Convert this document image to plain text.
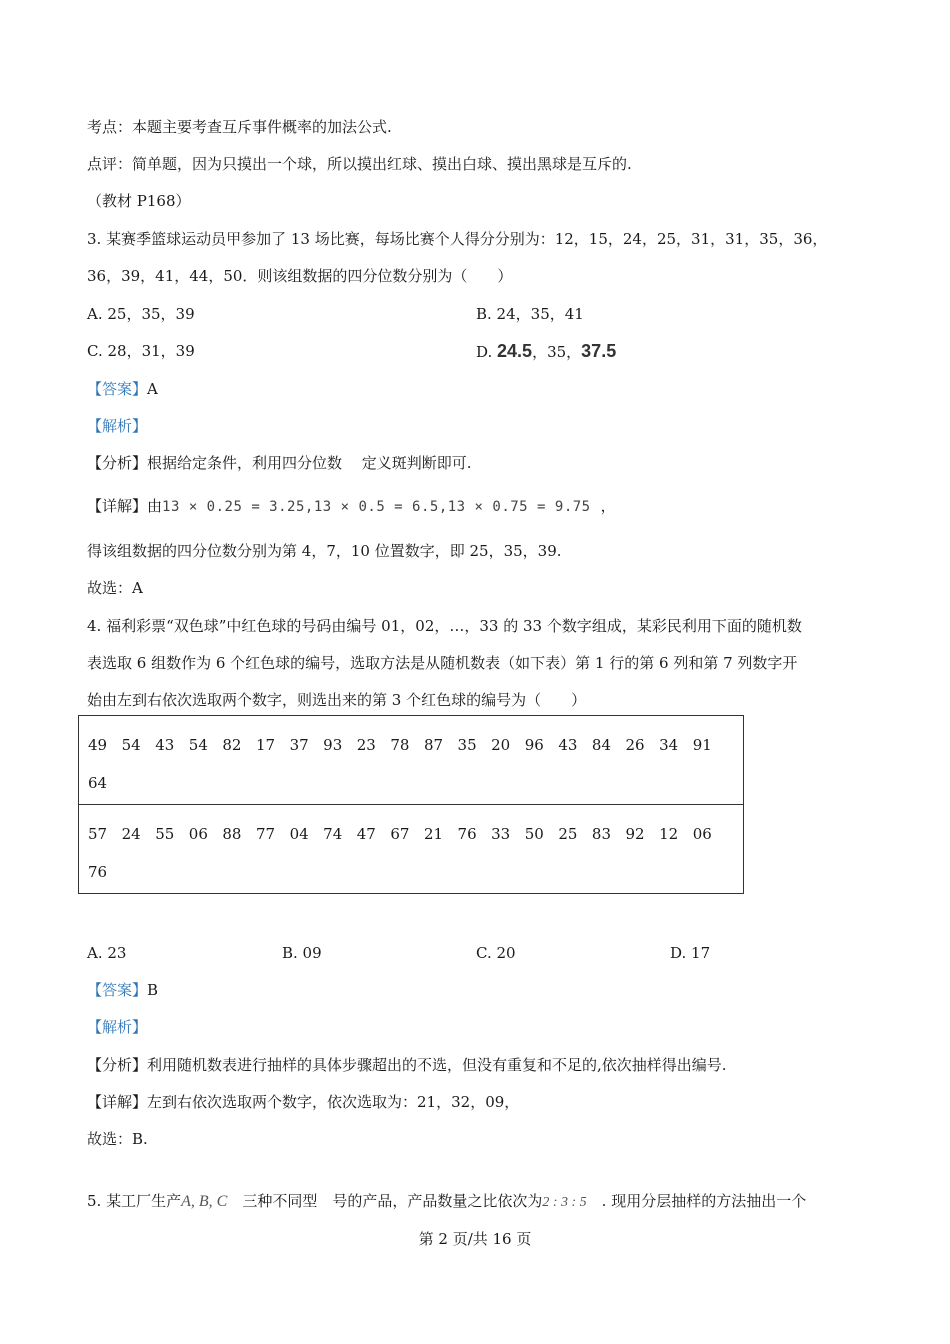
考点：本题主要考查互斥事件概率的加法公式.
点评：简单题，因为只摸出一个球，所以摸出红球、摸出白球、摸出黑球是互斥的.
（教材 P168）
3. 某赛季篮球运动员甲参加了 13 场比赛，每场比赛个人得分分别为：12，15，24，25，31，31，35，36，
36，39，41，44，50．则该组数据的四分位数分别为（　　）
A. 25，35，39	B. 24，35，41
C. 28，31，39	D. 24.5，35，37.5
【答案】A
【解析】
【分析】根据给定条件，利用四分位数　 定义斑判断即可.
【详解】由13 × 0.25 = 3.25,13 × 0.5 = 6.5,13 × 0.75 = 9.75 ，
得该组数据的四分位数分别为第 4，7，10 位置数字，即 25，35，39.
故选：A
4. 福利彩票“双色球”中红色球的号码由编号 01，02，…，33 的 33 个数字组成，某彩民利用下面的随机数
表选取 6 组数作为 6 个红色球的编号，选取方法是从随机数表（如下表）第 1 行的第 6 列和第 7 列数字开
始由左到右依次选取两个数字，则选出来的第 3 个红色球的编号为（　　）
49 54 43 54 82 17 37 93 23 78 87 35 20 96 43 84 26 34 91
64
57 24 55 06 88 77 04 74 47 67 21 76 33 50 25 83 92 12 06
76
A. 23	B. 09	C. 20	D. 17
【答案】B
【解析】
【分析】利用随机数表进行抽样的具体步骤超出的不选，但没有重复和不足的,依次抽样得出编号.
【详解】左到右依次选取两个数字，依次选取为：21，32，09，
故选：B.
5. 某工厂生产A, B, C　三种不同型　号的产品，产品数量之比依次为2 : 3 : 5　. 现用分层抽样的方法抽出一个
第 2 页/共 16 页
